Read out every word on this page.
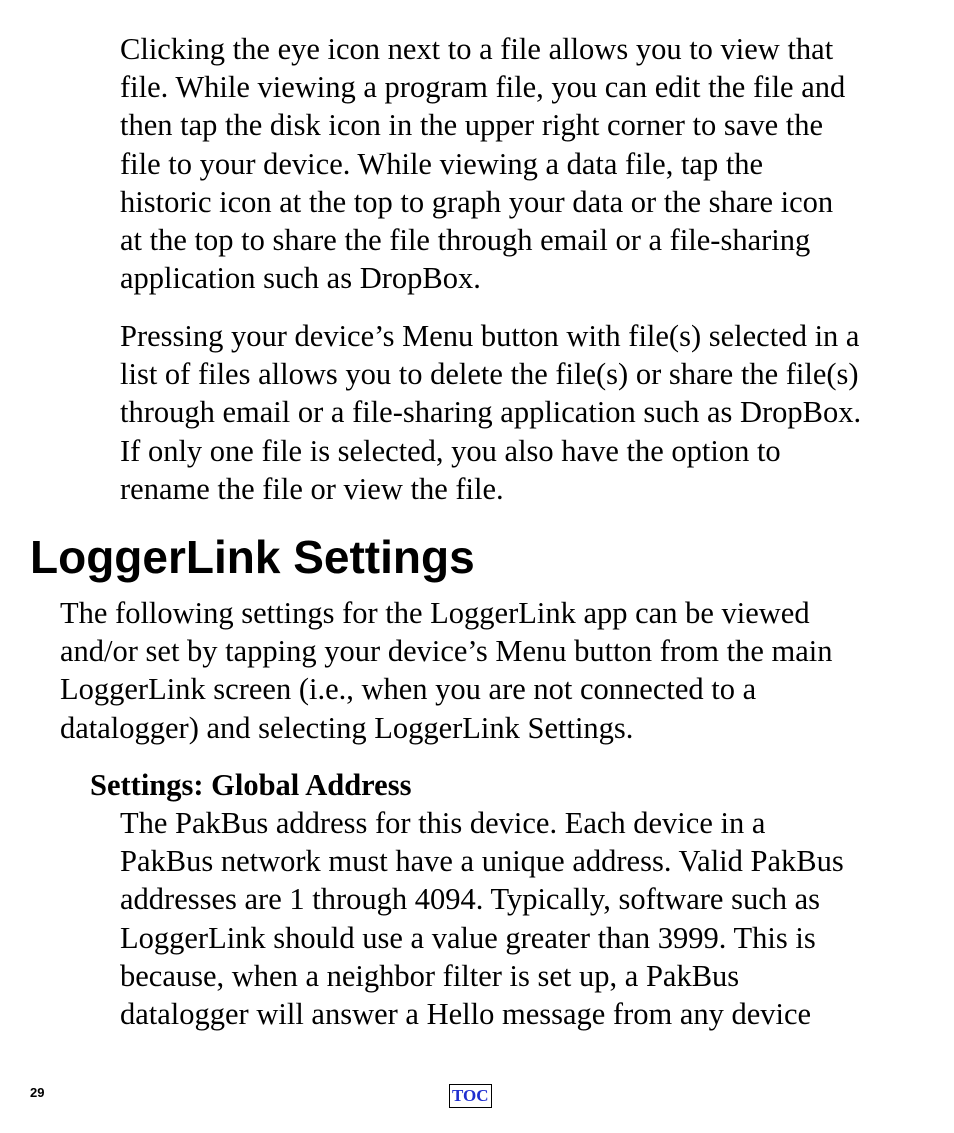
Clicking the eye icon next to a file allows you to view that
file. While viewing a program file, you can edit the file and
then tap the disk icon in the upper right corner to save the
file to your device. While viewing a data file, tap the
historic icon at the top to graph your data or the share icon
at the top to share the file through email or a file-sharing
application such as DropBox.

Pressing your device’s Menu button with file(s) selected in a
list of files allows you to delete the file(s) or share the file(s)
through email or a file-sharing application such as DropBox.
If only one file is selected, you also have the option to
rename the file or view the file.

LoggerLink Settings

The following settings for the LoggerLink app can be viewed
and/or set by tapping your device’s Menu button from the main
LoggerLink screen (i.e., when you are not connected to a
datalogger) and selecting LoggerLink Settings.

Settings: Global Address

The PakBus address for this device. Each device in a
PakBus network must have a unique address. Valid PakBus
addresses are 1 through 4094. Typically, software such as
LoggerLink should use a value greater than 3999. This is
because, when a neighbor filter is set up, a PakBus
datalogger will answer a Hello message from any device

29	TOC
